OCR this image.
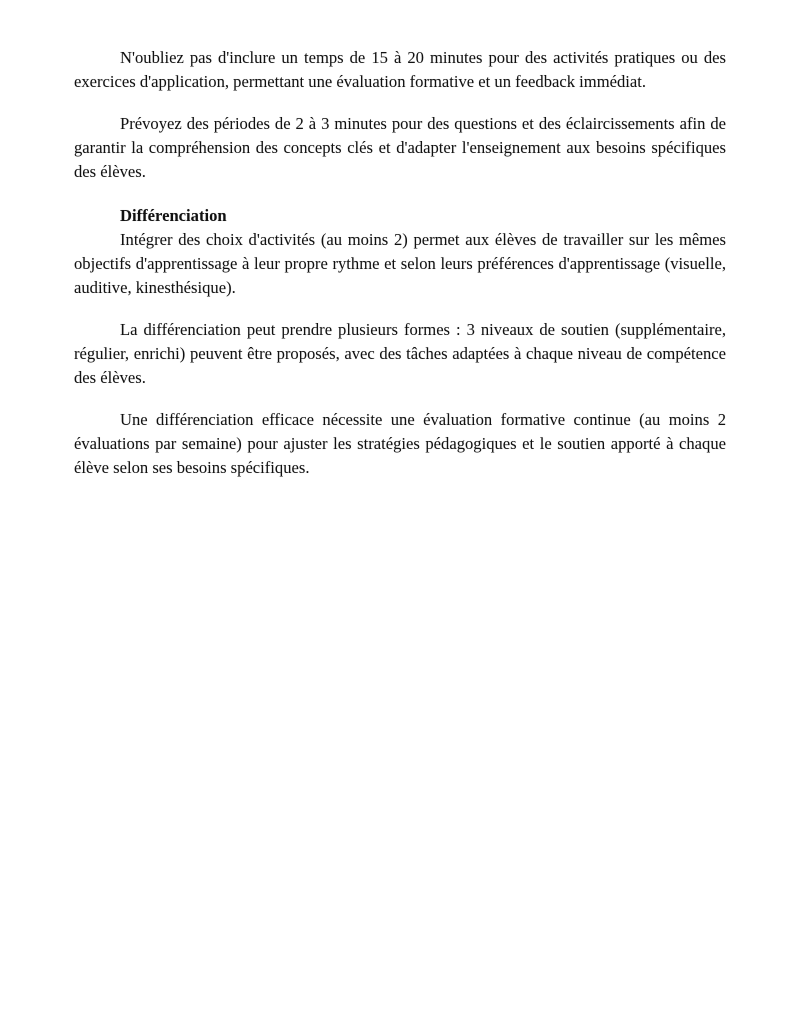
N'oubliez pas d'inclure un temps de 15 à 20 minutes pour des activités pratiques ou des exercices d'application, permettant une évaluation formative et un feedback immédiat.

Prévoyez des périodes de 2 à 3 minutes pour des questions et des éclaircissements afin de garantir la compréhension des concepts clés et d'adapter l'enseignement aux besoins spécifiques des élèves.

Différenciation

Intégrer des choix d'activités (au moins 2) permet aux élèves de travailler sur les mêmes objectifs d'apprentissage à leur propre rythme et selon leurs préférences d'apprentissage (visuelle, auditive, kinesthésique).

La différenciation peut prendre plusieurs formes : 3 niveaux de soutien (supplémentaire, régulier, enrichi) peuvent être proposés, avec des tâches adaptées à chaque niveau de compétence des élèves.

Une différenciation efficace nécessite une évaluation formative continue (au moins 2 évaluations par semaine) pour ajuster les stratégies pédagogiques et le soutien apporté à chaque élève selon ses besoins spécifiques.
